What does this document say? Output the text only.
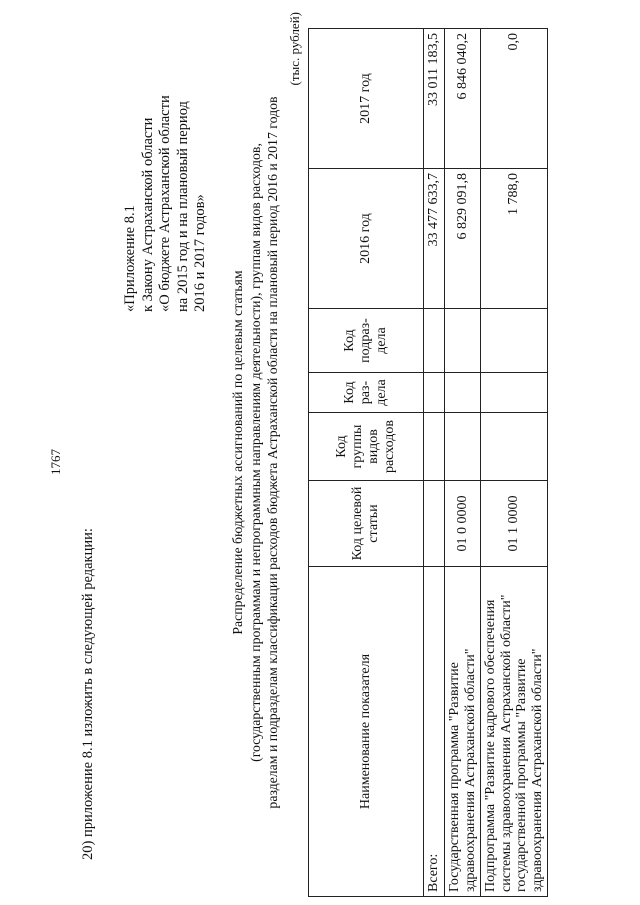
1767
20) приложение 8.1 изложить в следующей редакции:
«Приложение 8.1 к Закону Астраханской области «О бюджете Астраханской области на 2015 год и на плановый период 2016 и 2017 годов»
Распределение бюджетных ассигнований по целевым статьям (государственным программам и непрограммным направлениям деятельности), группам видов расходов, разделам и подразделам классификации расходов бюджета Астраханской области на плановый период 2016 и 2017 годов
(тыс. рублей)
Наименование показателя	Код целевой статьи	Код группы видов расходов	Код раз- дела	Код подраз- дела	2016 год	2017 год
Всего:					33 477 633,7	33 011 183,5
Государственная программа "Развитие здравоохранения Астраханской области"	01 0 0000				6 829 091,8	6 846 040,2
Подпрограмма "Развитие кадрового обеспечения системы здравоохранения Астраханской области" государственной программы "Развитие здравоохранения Астраханской области"	01 1 0000				1 788,0	0,0
